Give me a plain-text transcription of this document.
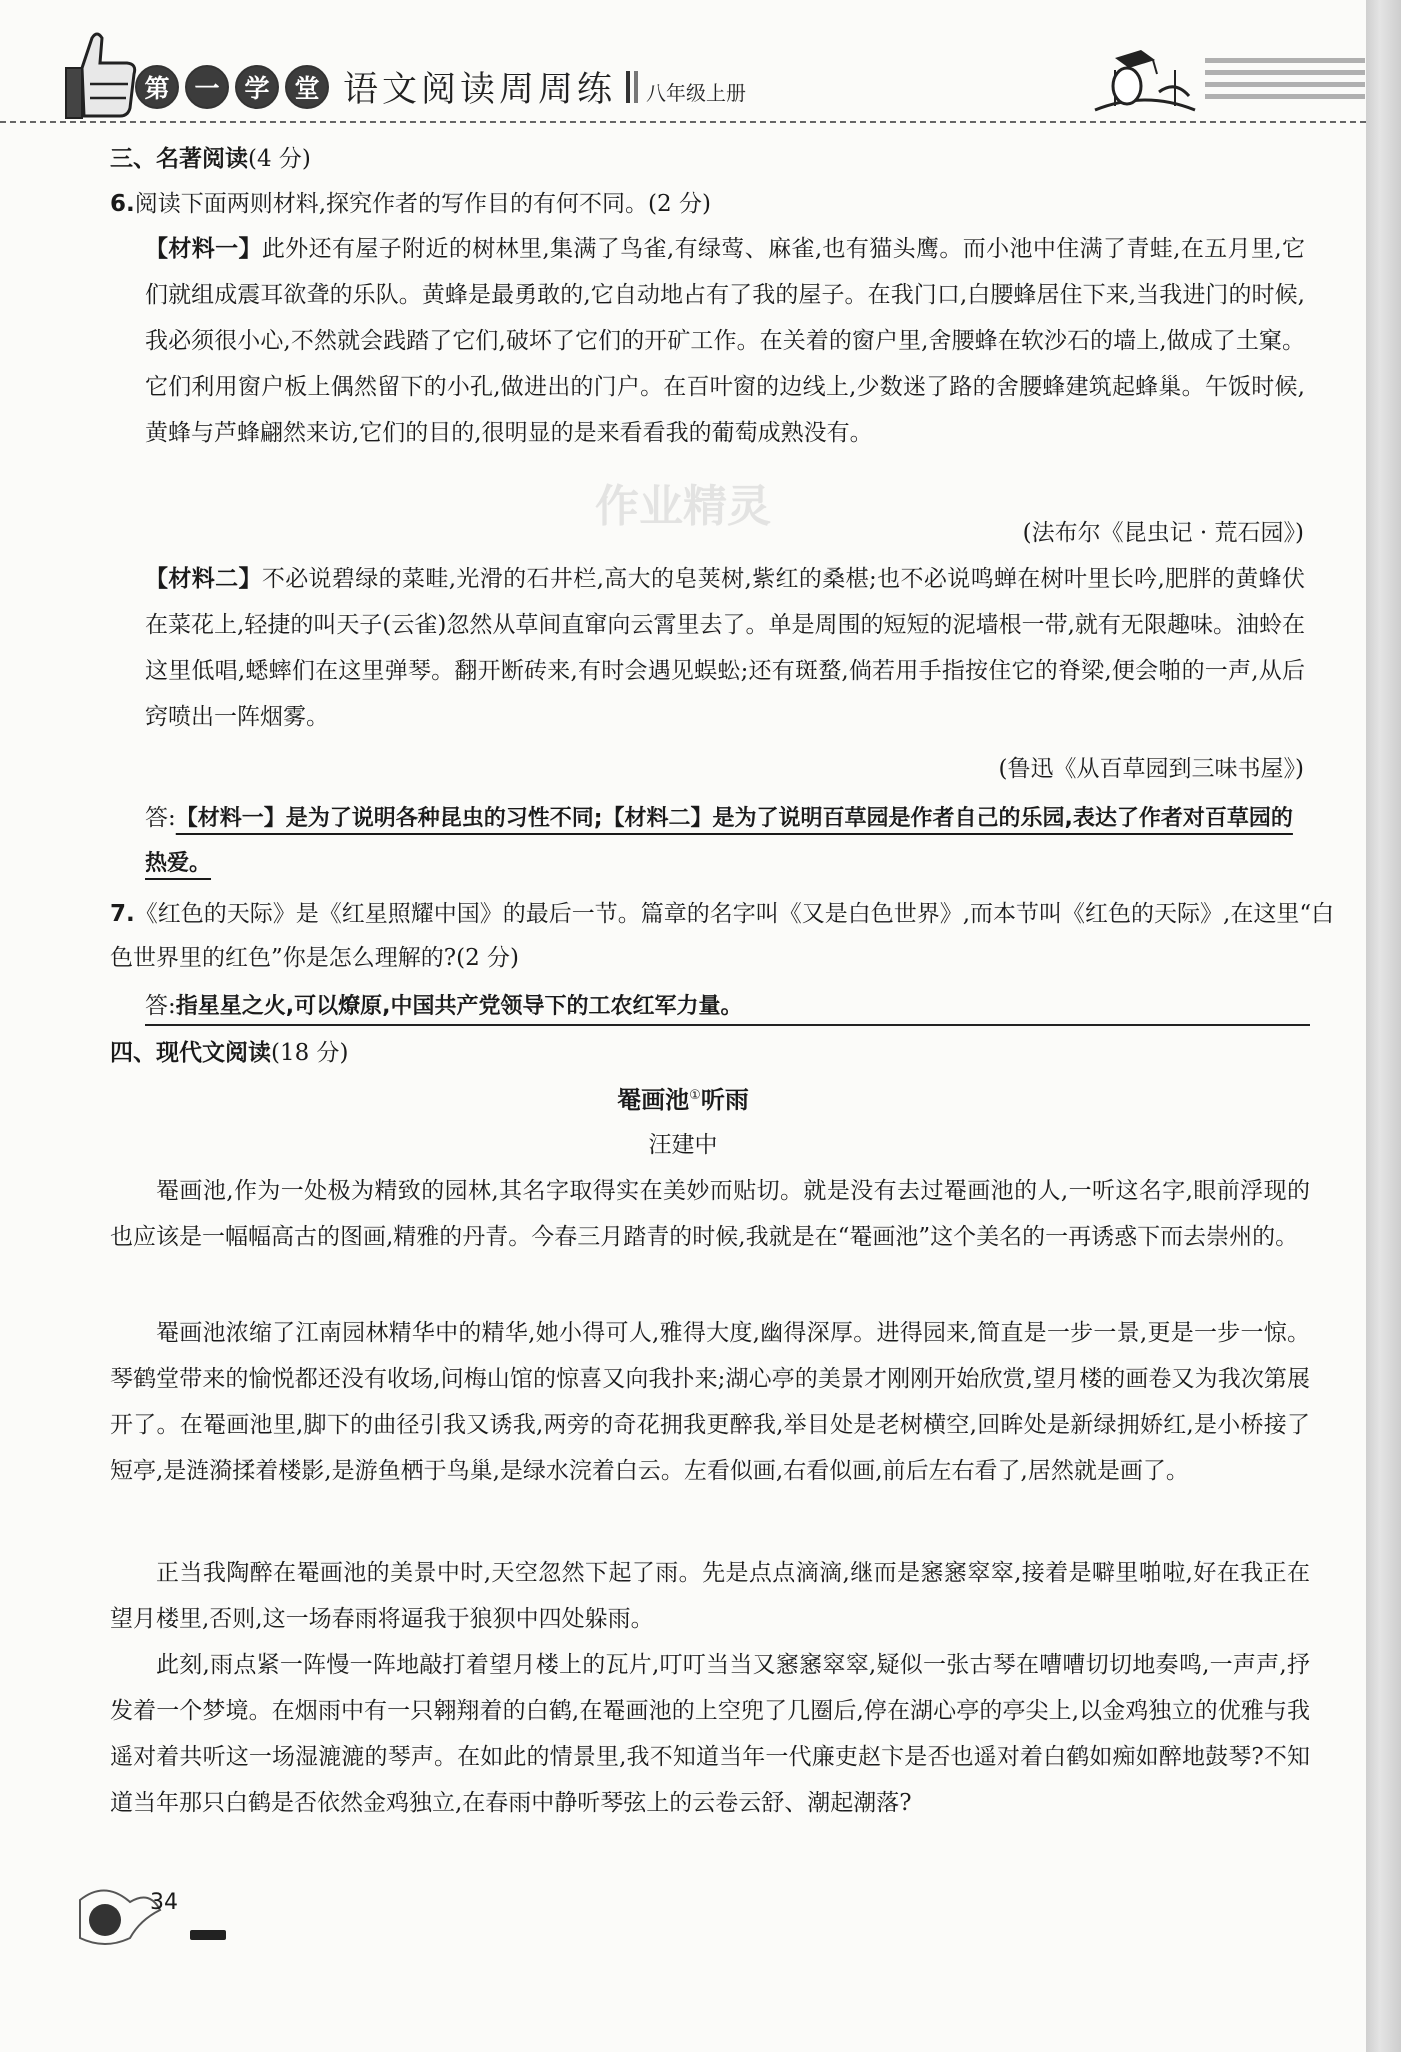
第 一 学 堂 语文阅读周周练 八年级上册
三、名著阅读(4 分)
6.阅读下面两则材料,探究作者的写作目的有何不同。(2 分)

【材料一】此外还有屋子附近的树林里,集满了鸟雀,有绿莺、麻雀,也有猫头鹰。而小池中住满了青蛙,在五月里,它们就组成震耳欲聋的乐队。黄蜂是最勇敢的,它自动地占有了我的屋子。在我门口,白腰蜂居住下来,当我进门的时候,我必须很小心,不然就会践踏了它们,破坏了它们的开矿工作。在关着的窗户里,舍腰蜂在软沙石的墙上,做成了土窠。它们利用窗户板上偶然留下的小孔,做进出的门户。在百叶窗的边线上,少数迷了路的舍腰蜂建筑起蜂巢。午饭时候,黄蜂与芦蜂翩然来访,它们的目的,很明显的是来看看我的葡萄成熟没有。

(法布尔《昆虫记 · 荒石园》)

【材料二】不必说碧绿的菜畦,光滑的石井栏,高大的皂荚树,紫红的桑椹;也不必说鸣蝉在树叶里长吟,肥胖的黄蜂伏在菜花上,轻捷的叫天子(云雀)忽然从草间直窜向云霄里去了。单是周围的短短的泥墙根一带,就有无限趣味。油蛉在这里低唱,蟋蟀们在这里弹琴。翻开断砖来,有时会遇见蜈蚣;还有斑蝥,倘若用手指按住它的脊梁,便会啪的一声,从后窍喷出一阵烟雾。

(鲁迅《从百草园到三味书屋》)

答:【材料一】是为了说明各种昆虫的习性不同;【材料二】是为了说明百草园是作者自己的乐园,表达了作者对百草园的热爱。

7.《红色的天际》是《红星照耀中国》的最后一节。篇章的名字叫《又是白色世界》,而本节叫《红色的天际》,在这里“白色世界里的红色”你是怎么理解的?(2 分)

答:指星星之火,可以燎原,中国共产党领导下的工农红军力量。

四、现代文阅读(18 分)
罨画池①听雨
汪建中

罨画池,作为一处极为精致的园林,其名字取得实在美妙而贴切。就是没有去过罨画池的人,一听这名字,眼前浮现的也应该是一幅幅高古的图画,精雅的丹青。今春三月踏青的时候,我就是在“罨画池”这个美名的一再诱惑下而去崇州的。

罨画池浓缩了江南园林精华中的精华,她小得可人,雅得大度,幽得深厚。进得园来,简直是一步一景,更是一步一惊。琴鹤堂带来的愉悦都还没有收场,问梅山馆的惊喜又向我扑来;湖心亭的美景才刚刚开始欣赏,望月楼的画卷又为我次第展开了。在罨画池里,脚下的曲径引我又诱我,两旁的奇花拥我更醉我,举目处是老树横空,回眸处是新绿拥娇红,是小桥接了短亭,是涟漪揉着楼影,是游鱼栖于鸟巢,是绿水浣着白云。左看似画,右看似画,前后左右看了,居然就是画了。

正当我陶醉在罨画池的美景中时,天空忽然下起了雨。先是点点滴滴,继而是窸窸窣窣,接着是噼里啪啦,好在我正在望月楼里,否则,这一场春雨将逼我于狼狈中四处躲雨。

此刻,雨点紧一阵慢一阵地敲打着望月楼上的瓦片,叮叮当当又窸窸窣窣,疑似一张古琴在嘈嘈切切地奏鸣,一声声,抒发着一个梦境。在烟雨中有一只翱翔着的白鹤,在罨画池的上空兜了几圈后,停在湖心亭的亭尖上,以金鸡独立的优雅与我遥对着共听这一场湿漉漉的琴声。在如此的情景里,我不知道当年一代廉吏赵卞是否也遥对着白鹤如痴如醉地鼓琴?不知道当年那只白鹤是否依然金鸡独立,在春雨中静听琴弦上的云卷云舒、潮起潮落?

34
作业精灵
